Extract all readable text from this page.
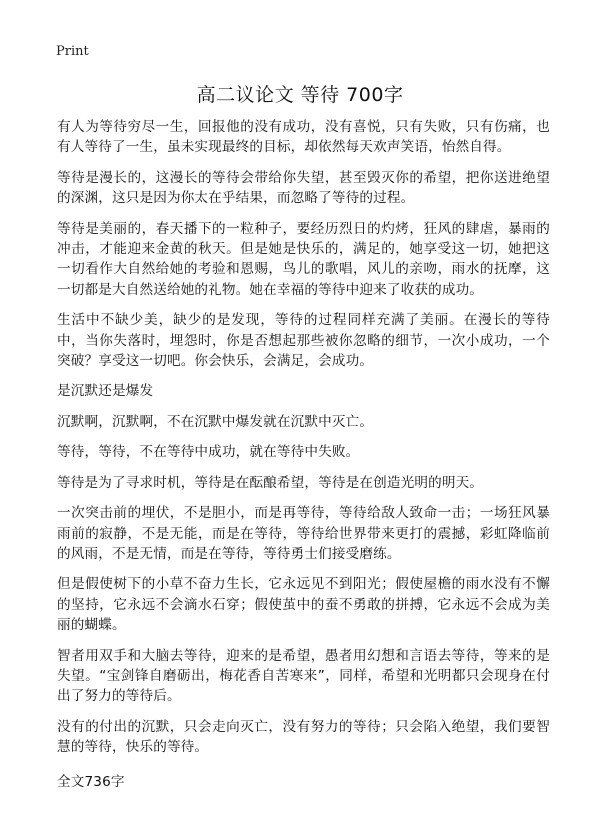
Print
高二议论文 等待 700字

有人为等待穷尽一生，回报他的没有成功，没有喜悦，只有失败，只有伤痛，也有人等待了一生，虽未实现最终的目标，却依然每天欢声笑语，怡然自得。

等待是漫长的，这漫长的等待会带给你失望，甚至毁灭你的希望，把你送进绝望的深渊，这只是因为你太在乎结果，而忽略了等待的过程。

等待是美丽的，春天播下的一粒种子，要经历烈日的灼烤，狂风的肆虐，暴雨的冲击，才能迎来金黄的秋天。但是她是快乐的，满足的，她享受这一切，她把这一切看作大自然给她的考验和恩赐，鸟儿的歌唱，风儿的亲吻，雨水的抚摩，这一切都是大自然送给她的礼物。她在幸福的等待中迎来了收获的成功。

生活中不缺少美，缺少的是发现，等待的过程同样充满了美丽。在漫长的等待中，当你失落时，埋怨时，你是否想起那些被你忽略的细节，一次小成功，一个突破？享受这一切吧。你会快乐，会满足，会成功。

是沉默还是爆发

沉默啊，沉默啊，不在沉默中爆发就在沉默中灭亡。

等待，等待，不在等待中成功，就在等待中失败。

等待是为了寻求时机，等待是在酝酿希望，等待是在创造光明的明天。

一次突击前的埋伏，不是胆小，而是再等待，等待给敌人致命一击；一场狂风暴雨前的寂静，不是无能，而是在等待，等待给世界带来更打的震撼，彩虹降临前的风雨，不是无情，而是在等待，等待勇士们接受磨练。

但是假使树下的小草不奋力生长，它永远见不到阳光；假使屋檐的雨水没有不懈的坚持，它永远不会滴水石穿；假使茧中的蚕不勇敢的拼搏，它永远不会成为美丽的蝴蝶。

智者用双手和大脑去等待，迎来的是希望，愚者用幻想和言语去等待，等来的是失望。“宝剑锋自磨砺出，梅花香自苦寒来”，同样，希望和光明都只会现身在付出了努力的等待后。

没有的付出的沉默，只会走向灭亡，没有努力的等待；只会陷入绝望，我们要智慧的等待，快乐的等待。

全文736字
